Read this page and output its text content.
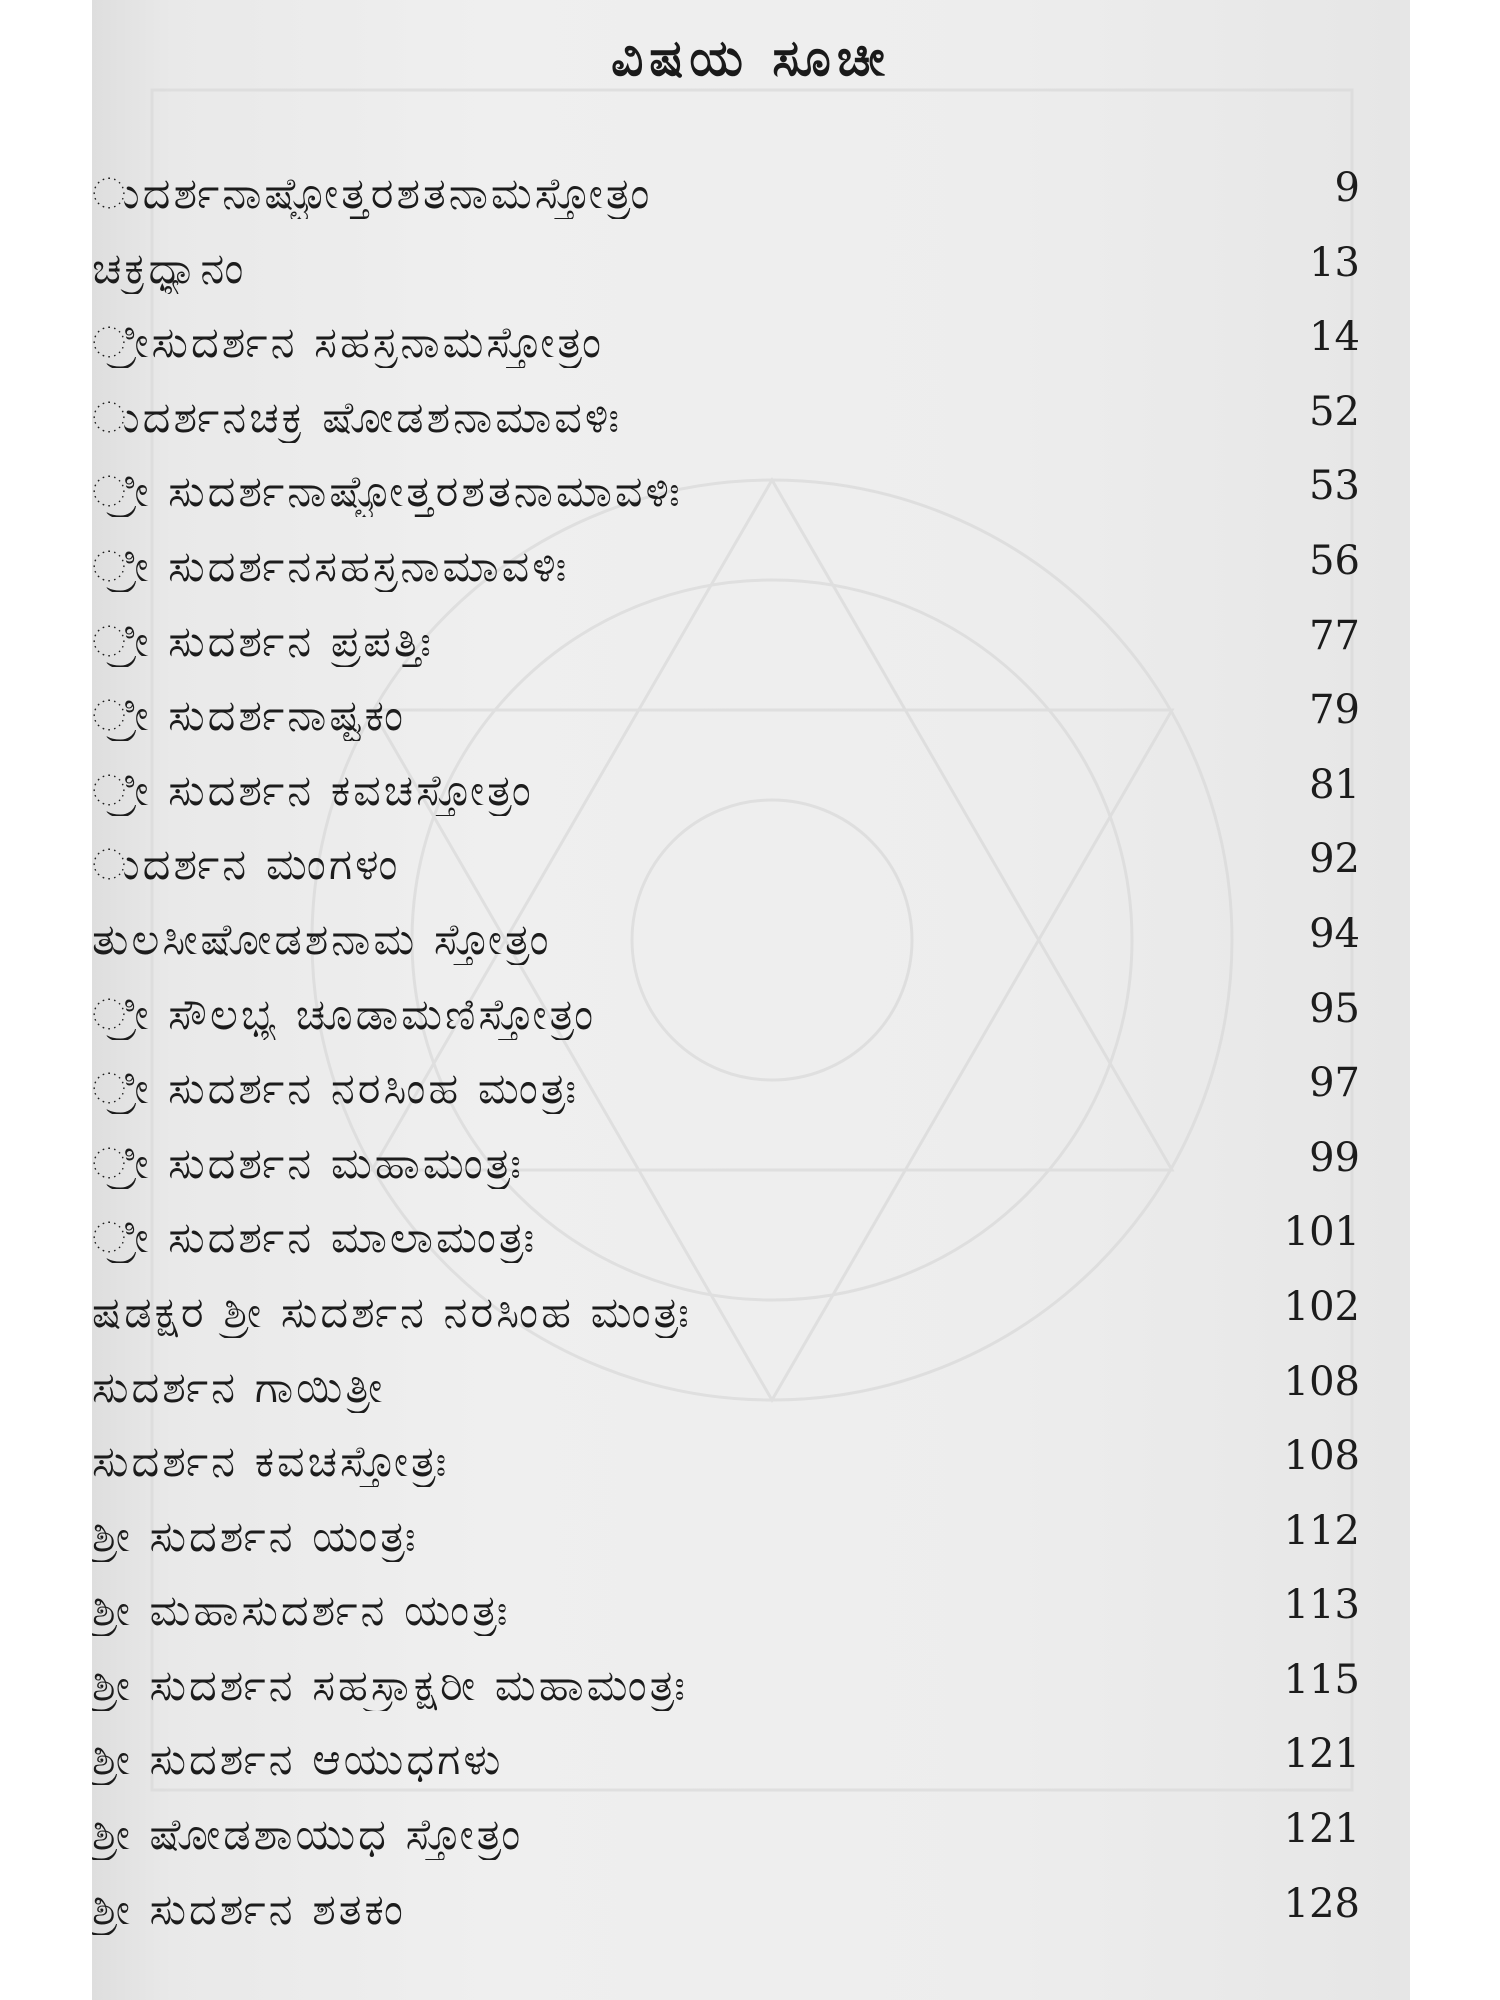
ವಿಷಯ ಸೂಚೀ
ುದರ್ಶನಾಷ್ಟೋತ್ತರಶತನಾಮಸ್ತೋತ್ರಂ	9
ಚಕ್ರಧ್ಯಾನಂ	13
್ರೀಸುದರ್ಶನ ಸಹಸ್ರನಾಮಸ್ತೋತ್ರಂ	14
ುದರ್ಶನಚಕ್ರ ಷೋಡಶನಾಮಾವಳಿಃ	52
್ರೀ ಸುದರ್ಶನಾಷ್ಟೋತ್ತರಶತನಾಮಾವಳಿಃ	53
್ರೀ ಸುದರ್ಶನಸಹಸ್ರನಾಮಾವಳಿಃ	56
್ರೀ ಸುದರ್ಶನ ಪ್ರಪತ್ತಿಃ	77
್ರೀ ಸುದರ್ಶನಾಷ್ಟಕಂ	79
್ರೀ ಸುದರ್ಶನ ಕವಚಸ್ತೋತ್ರಂ	81
ುದರ್ಶನ ಮಂಗಳಂ	92
ತುಲಸೀಷೋಡಶನಾಮ ಸ್ತೋತ್ರಂ	94
್ರೀ ಸೌಲಭ್ಯ ಚೂಡಾಮಣಿಸ್ತೋತ್ರಂ	95
್ರೀ ಸುದರ್ಶನ ನರಸಿಂಹ ಮಂತ್ರಃ	97
್ರೀ ಸುದರ್ಶನ ಮಹಾಮಂತ್ರಃ	99
್ರೀ ಸುದರ್ಶನ ಮಾಲಾಮಂತ್ರಃ	101
ಷಡಕ್ಷರ ಶ್ರೀ ಸುದರ್ಶನ ನರಸಿಂಹ ಮಂತ್ರಃ	102
ಸುದರ್ಶನ ಗಾಯಿತ್ರೀ	108
ಸುದರ್ಶನ ಕವಚಸ್ತೋತ್ರಃ	108
ಶ್ರೀ ಸುದರ್ಶನ ಯಂತ್ರಃ	112
ಶ್ರೀ ಮಹಾಸುದರ್ಶನ ಯಂತ್ರಃ	113
ಶ್ರೀ ಸುದರ್ಶನ ಸಹಸ್ರಾಕ್ಷರೀ ಮಹಾಮಂತ್ರಃ	115
ಶ್ರೀ ಸುದರ್ಶನ ಆಯುಧಗಳು	121
ಶ್ರೀ ಷೋಡಶಾಯುಧ ಸ್ತೋತ್ರಂ	121
ಶ್ರೀ ಸುದರ್ಶನ ಶತಕಂ	128
